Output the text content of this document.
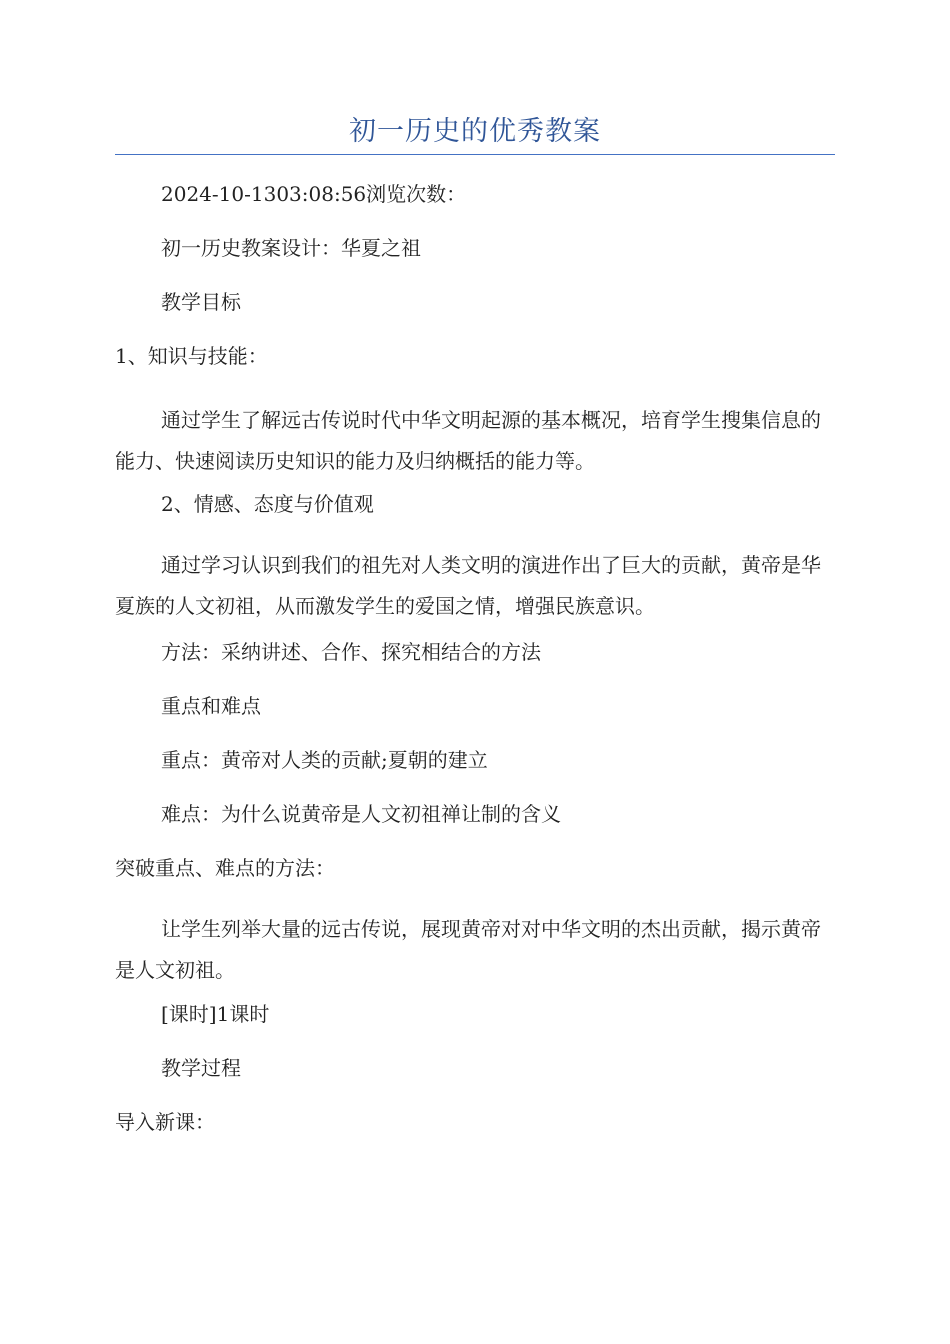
初一历史的优秀教案

2024-10-1303:08:56浏览次数：

初一历史教案设计：华夏之祖

教学目标

1、知识与技能：

通过学生了解远古传说时代中华文明起源的基本概况，培育学生搜集信息的能力、快速阅读历史知识的能力及归纳概括的能力等。

2、情感、态度与价值观

通过学习认识到我们的祖先对人类文明的演进作出了巨大的贡献，黄帝是华夏族的人文初祖，从而激发学生的爱国之情，增强民族意识。

方法：采纳讲述、合作、探究相结合的方法

重点和难点

重点：黄帝对人类的贡献;夏朝的建立

难点：为什么说黄帝是人文初祖禅让制的含义

突破重点、难点的方法：

让学生列举大量的远古传说，展现黄帝对对中华文明的杰出贡献，揭示黄帝是人文初祖。

[课时]1课时

教学过程

导入新课：
